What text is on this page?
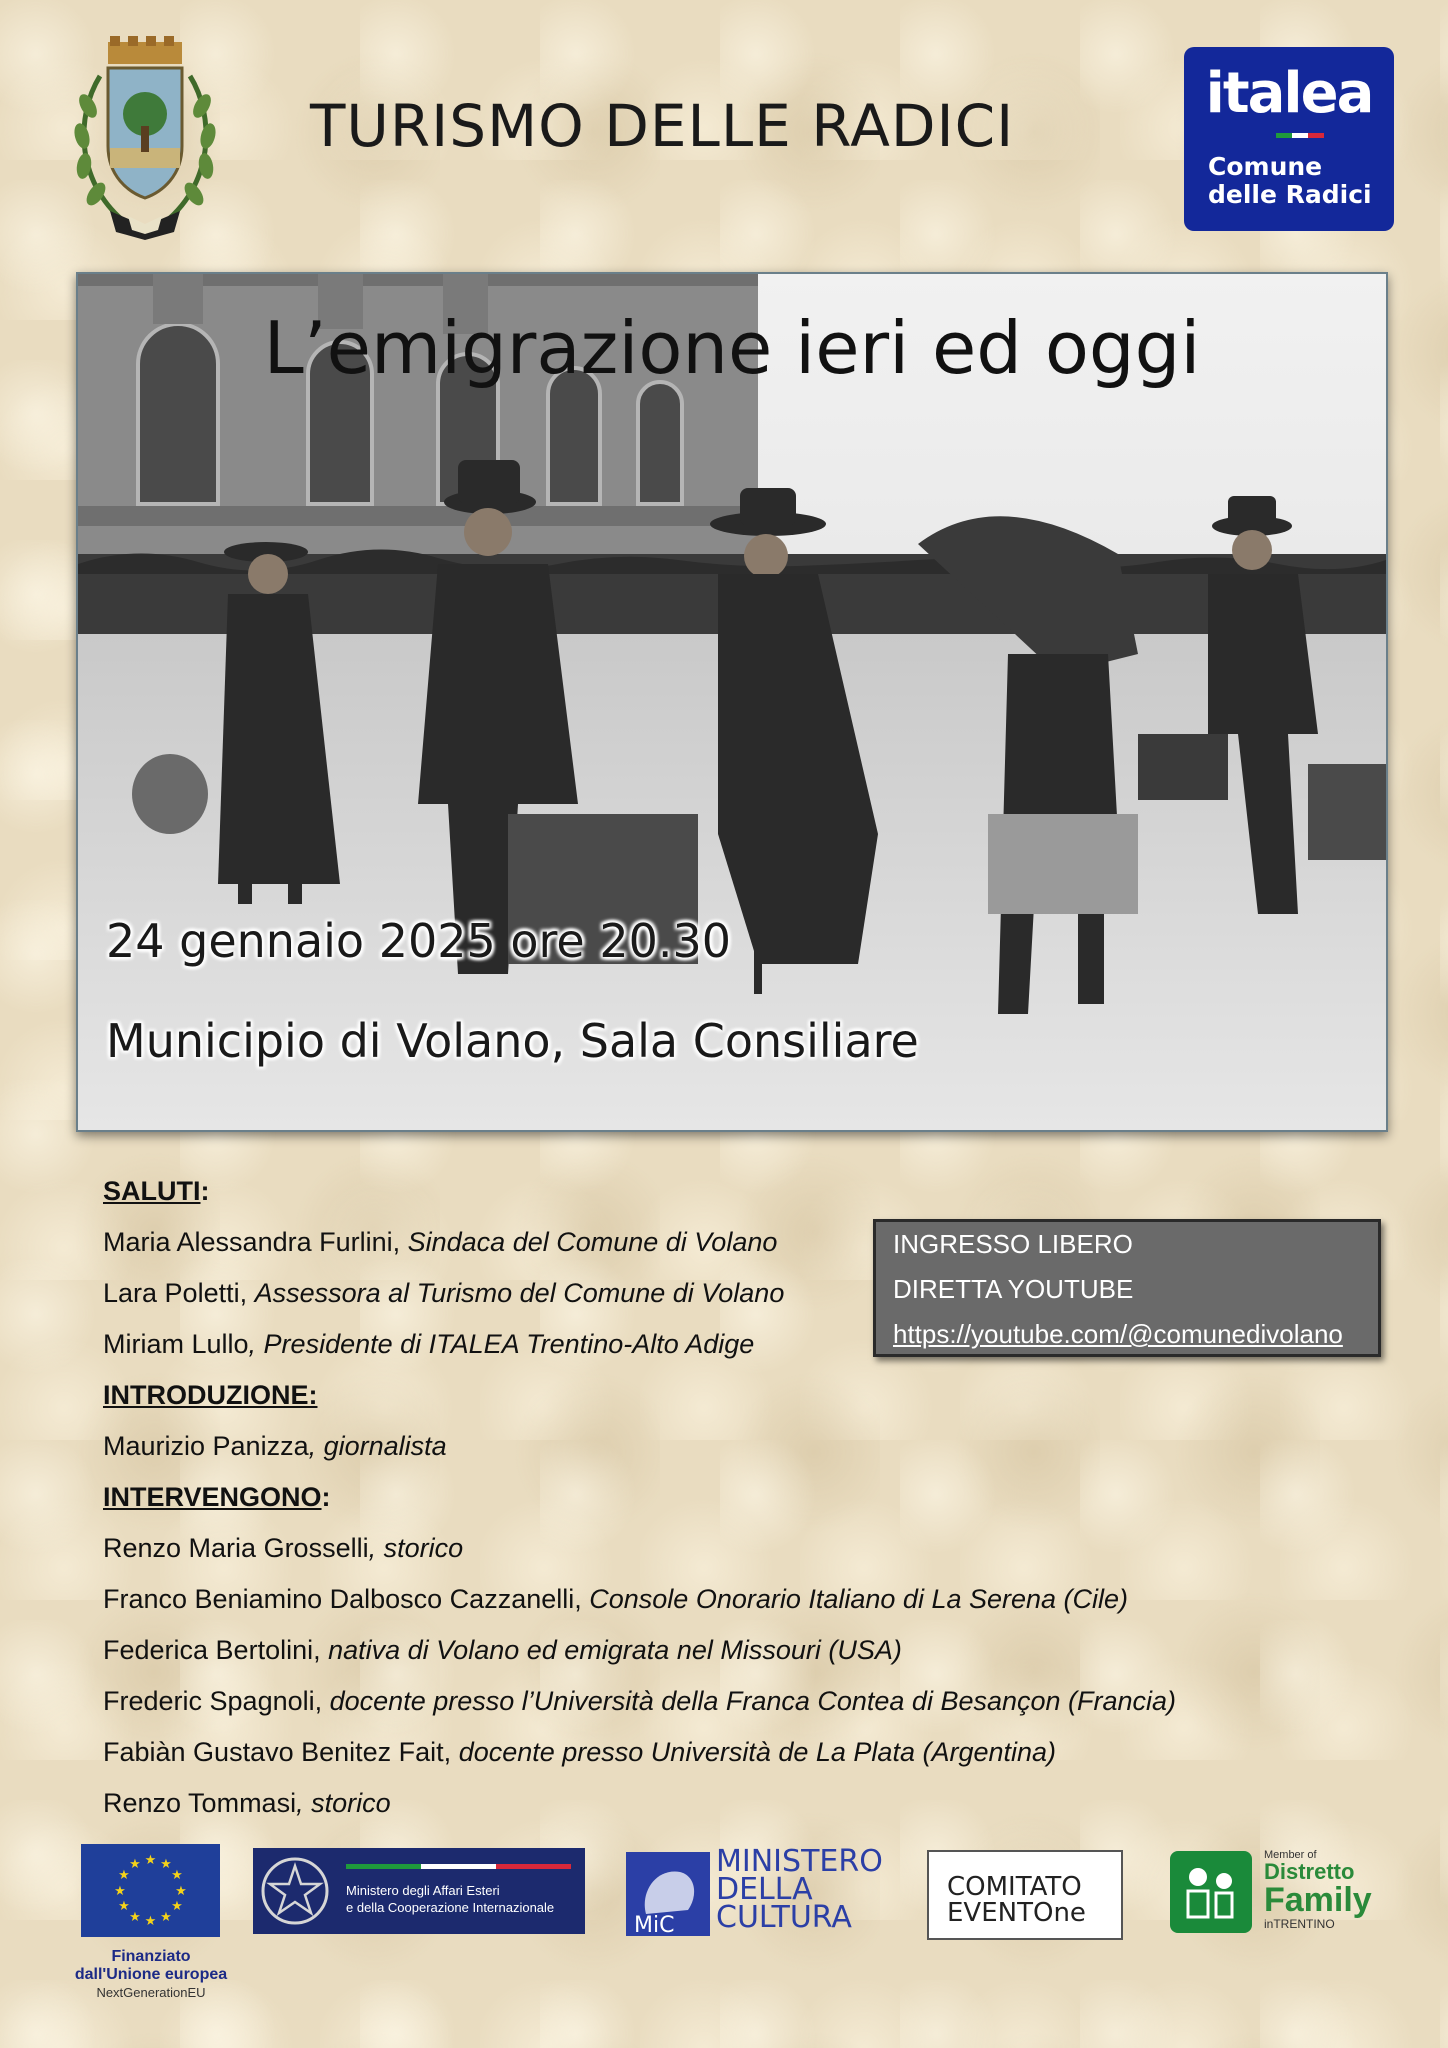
TURISMO DELLE RADICI	italea
Comune
delle Radici
L’emigrazione ieri ed oggi
24 gennaio 2025 ore 20.30
Municipio di Volano, Sala Consiliare
SALUTI:
Maria Alessandra Furlini, Sindaca del Comune di Volano
Lara Poletti, Assessora al Turismo del Comune di Volano
Miriam Lullo, Presidente di ITALEA Trentino-Alto Adige
INTRODUZIONE:
Maurizio Panizza, giornalista
INTERVENGONO:
Renzo Maria Grosselli, storico
Franco Beniamino Dalbosco Cazzanelli, Console Onorario Italiano di La Serena (Cile)
Federica Bertolini, nativa di Volano ed emigrata nel Missouri (USA)
Frederic Spagnoli, docente presso l’Università della Franca Contea di Besançon (Francia)
Fabiàn Gustavo Benitez Fait, docente presso Università de La Plata (Argentina)
Renzo Tommasi, storico
INGRESSO LIBERO
DIRETTA YOUTUBE
https://youtube.com/@comunedivolano
★ ★
★
★
★
★
★
★
★
★
★
★
Finanziato
dall'Unione europea
NextGenerationEU
Ministero degli Affari Esteri
e della Cooperazione Internazionale
MiC
MINISTERO
DELLA
CULTURA
COMITATO
EVENTOne
Member of
Distretto
Family
inTRENTINO
